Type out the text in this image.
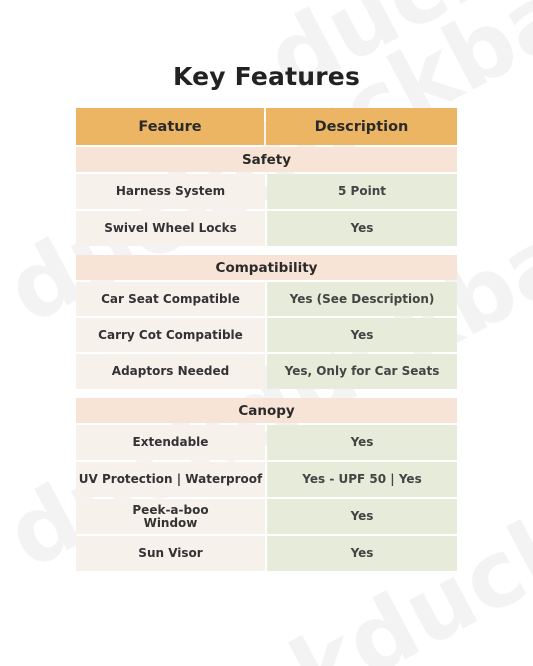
Key Features
Feature	Description
Safety
Harness System	5 Point
Swivel Wheel Locks	Yes
Compatibility
Car Seat Compatible	Yes (See Description)
Carry Cot Compatible	Yes
Adaptors Needed	Yes, Only for Car Seats
Canopy
Extendable	Yes
UV Protection | Waterproof	Yes - UPF 50 | Yes
Peek-a-boo
Window	Yes
Sun Visor	Yes
